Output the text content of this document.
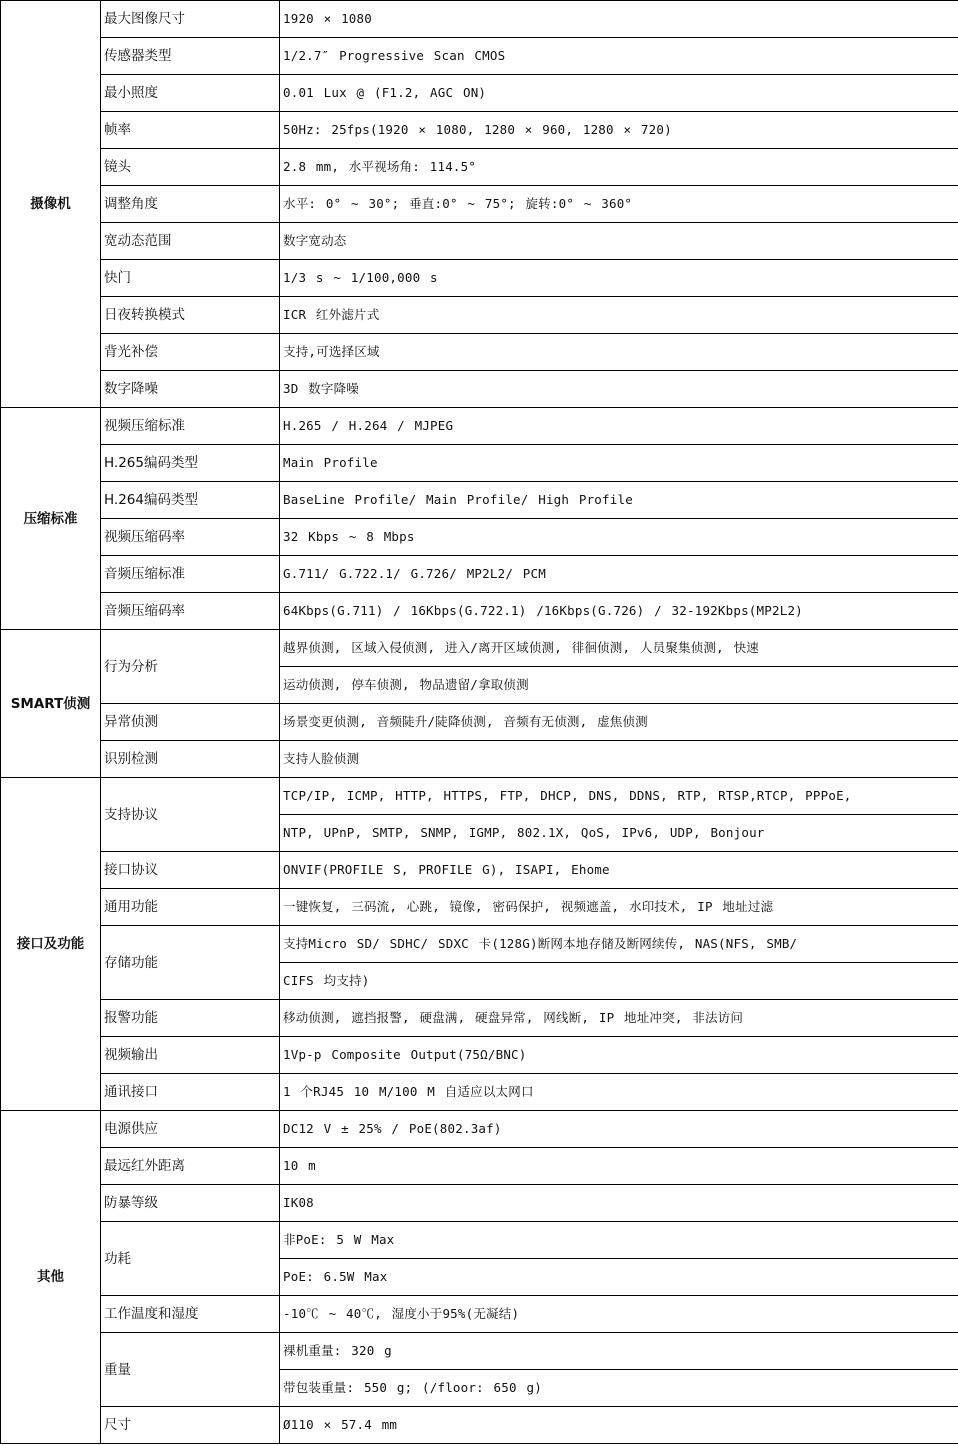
摄像机	最大图像尺寸	1920 × 1080
	传感器类型	1/2.7″ Progressive Scan CMOS
	最小照度	0.01 Lux @ (F1.2, AGC ON)
	帧率	50Hz: 25fps(1920 × 1080, 1280 × 960, 1280 × 720)
	镜头	2.8 mm, 水平视场角: 114.5°
	调整角度	水平: 0° ~ 30°; 垂直:0° ~ 75°; 旋转:0° ~ 360°
	宽动态范围	数字宽动态
	快门	1/3 s ~ 1/100,000 s
	日夜转换模式	ICR 红外滤片式
	背光补偿	支持,可选择区域
	数字降噪	3D 数字降噪
压缩标准	视频压缩标准	H.265 / H.264 / MJPEG
	H.265编码类型	Main Profile
	H.264编码类型	BaseLine Profile/ Main Profile/ High Profile
	视频压缩码率	32 Kbps ~ 8 Mbps
	音频压缩标准	G.711/ G.722.1/ G.726/ MP2L2/ PCM
	音频压缩码率	64Kbps(G.711) / 16Kbps(G.722.1) /16Kbps(G.726) / 32-192Kbps(MP2L2)
SMART侦测	行为分析	越界侦测, 区域入侵侦测, 进入/离开区域侦测, 徘徊侦测, 人员聚集侦测, 快速
		运动侦测, 停车侦测, 物品遗留/拿取侦测
	异常侦测	场景变更侦测, 音频陡升/陡降侦测, 音频有无侦测, 虚焦侦测
	识别检测	支持人脸侦测
接口及功能	支持协议	TCP/IP, ICMP, HTTP, HTTPS, FTP, DHCP, DNS, DDNS, RTP, RTSP,RTCP, PPPoE,
		NTP, UPnP, SMTP, SNMP, IGMP, 802.1X, QoS, IPv6, UDP, Bonjour
	接口协议	ONVIF(PROFILE S, PROFILE G), ISAPI, Ehome
	通用功能	一键恢复, 三码流, 心跳, 镜像, 密码保护, 视频遮盖, 水印技术, IP 地址过滤
	存储功能	支持Micro SD/ SDHC/ SDXC 卡(128G)断网本地存储及断网续传, NAS(NFS, SMB/
		CIFS 均支持)
	报警功能	移动侦测, 遮挡报警, 硬盘满, 硬盘异常, 网线断, IP 地址冲突, 非法访问
	视频输出	1Vp-p Composite Output(75Ω/BNC)
	通讯接口	1 个RJ45 10 M/100 M 自适应以太网口
其他	电源供应	DC12 V ± 25% / PoE(802.3af)
	最远红外距离	10 m
	防暴等级	IK08
	功耗	非PoE: 5 W Max
		PoE: 6.5W Max
	工作温度和湿度	-10℃ ~ 40℃, 湿度小于95%(无凝结)
	重量	裸机重量: 320 g
		带包装重量: 550 g; (/floor: 650 g)
	尺寸	Ø110 × 57.4 mm
